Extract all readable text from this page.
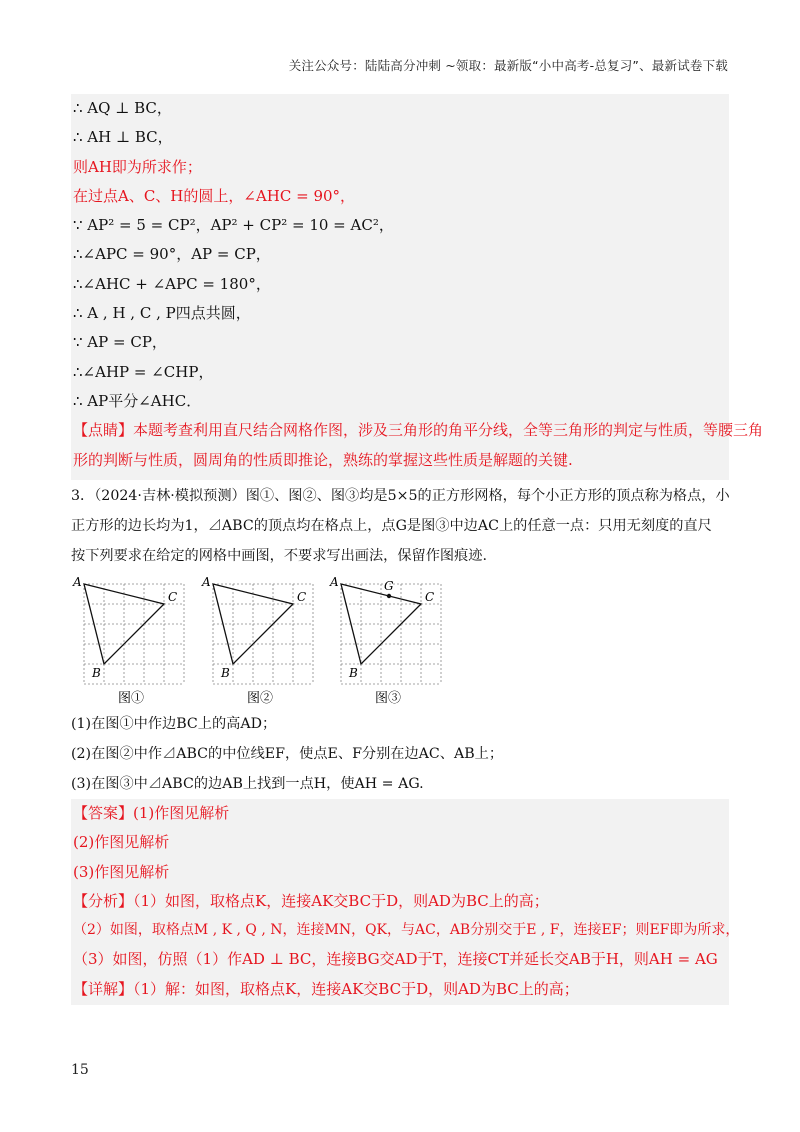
关注公众号：陆陆高分冲刺 ~领取：最新版“小中高考-总复习”、最新试卷下载
∴ AQ ⊥ BC，
∴ AH ⊥ BC，
则AH即为所求作；
在过点A、C、H的圆上，∠AHC = 90°，
∵ AP² = 5 = CP²，AP² + CP² = 10 = AC²，
∴∠APC = 90°，AP = CP，
∴∠AHC + ∠APC = 180°，
∴ A , H , C , P四点共圆，
∵ AP = CP，
∴∠AHP = ∠CHP，
∴ AP平分∠AHC．
【点睛】本题考查利用直尺结合网格作图，涉及三角形的角平分线，全等三角形的判定与性质，等腰三角
形的判断与性质，圆周角的性质即推论，熟练的掌握这些性质是解题的关键.
3．（2024·吉林·模拟预测）图①、图②、图③均是5×5的正方形网格，每个小正方形的顶点称为格点，小
正方形的边长均为1，⊿ABC的顶点均在格点上，点G是图③中边AC上的任意一点：只用无刻度的直尺
按下列要求在给定的网格中画图，不要求写出画法，保留作图痕迹.
A
C
B
图①
A
C
B
图②
G
A
C
B
图③
(1)在图①中作边BC上的高AD；
(2)在图②中作⊿ABC的中位线EF，使点E、F分别在边AC、AB上；
(3)在图③中⊿ABC的边AB上找到一点H，使AH = AG.
【答案】(1)作图见解析
(2)作图见解析
(3)作图见解析
【分析】（1）如图，取格点K，连接AK交BC于D，则AD为BC上的高；
（2）如图，取格点M , K , Q , N，连接MN，QK，与AC，AB分别交于E , F，连接EF；则EF即为所求，
（3）如图，仿照（1）作AD ⊥ BC，连接BG交AD于T，连接CT并延长交AB于H，则AH = AG
【详解】（1）解：如图，取格点K，连接AK交BC于D，则AD为BC上的高；
15
